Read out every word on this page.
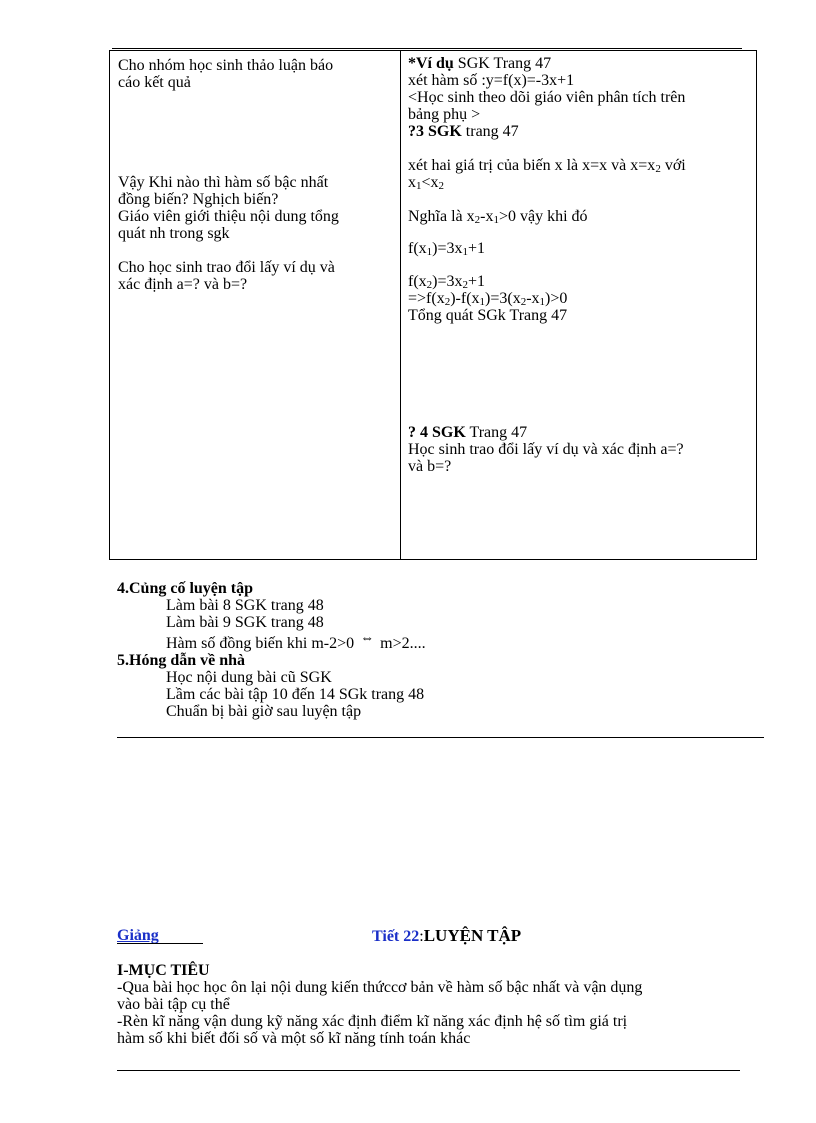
Cho nhóm học sinh thảo luận báo
cáo kết quả
Vậy Khi nào thì hàm số bậc nhất
đồng biến? Nghịch biến?
Giáo viên giới thiệu nội dung tổng
quát nh trong sgk
Cho học sinh trao đổi lấy ví dụ và
xác định a=? và b=?
*Ví dụ SGK Trang 47
xét hàm số :y=f(x)=-3x+1
<Học sinh theo dõi giáo viên phân tích trên
bảng phụ >
?3 SGK trang 47
xét hai giá trị của biến x là x=x và $x=x_2$ với
$x_1<x_2$
Nghĩa là $x_2-x_1>0$ vậy khi đó
$f(x_1)=3x_1+1$
$f(x_2)=3x_2+1$
$=>f(x_2)-f(x_1)=3(x_2-x_1)>0$
Tổng quát SGk Trang 47
? 4 SGK Trang 47
Học sinh trao đổi lấy ví dụ và xác định a=?
và b=?
4.Củng cố luyện tập
Làm bài 8 SGK trang 48
Làm bài 9 SGK trang 48
Hàm số đồng biến khi m-2>0 ⇔ m>2....
5.Hóng dẫn về nhà
Học nội dung bài cũ SGK
Lầm các bài tập 10 đến 14 SGk trang 48
Chuẩn bị bài giờ sau luyện tập
Giảng	Tiết 22:LUYỆN TẬP
I-MỤC TIÊU
-Qua bài học học ôn lại nội dung kiến thứccơ bản về hàm số bậc nhất và vận dụng
vào bài tập cụ thể
-Rèn kĩ năng vận dung kỹ năng xác định điểm kĩ năng xác định hệ số tìm giá trị
hàm số khi biết đối số và một số kĩ năng tính toán khác
